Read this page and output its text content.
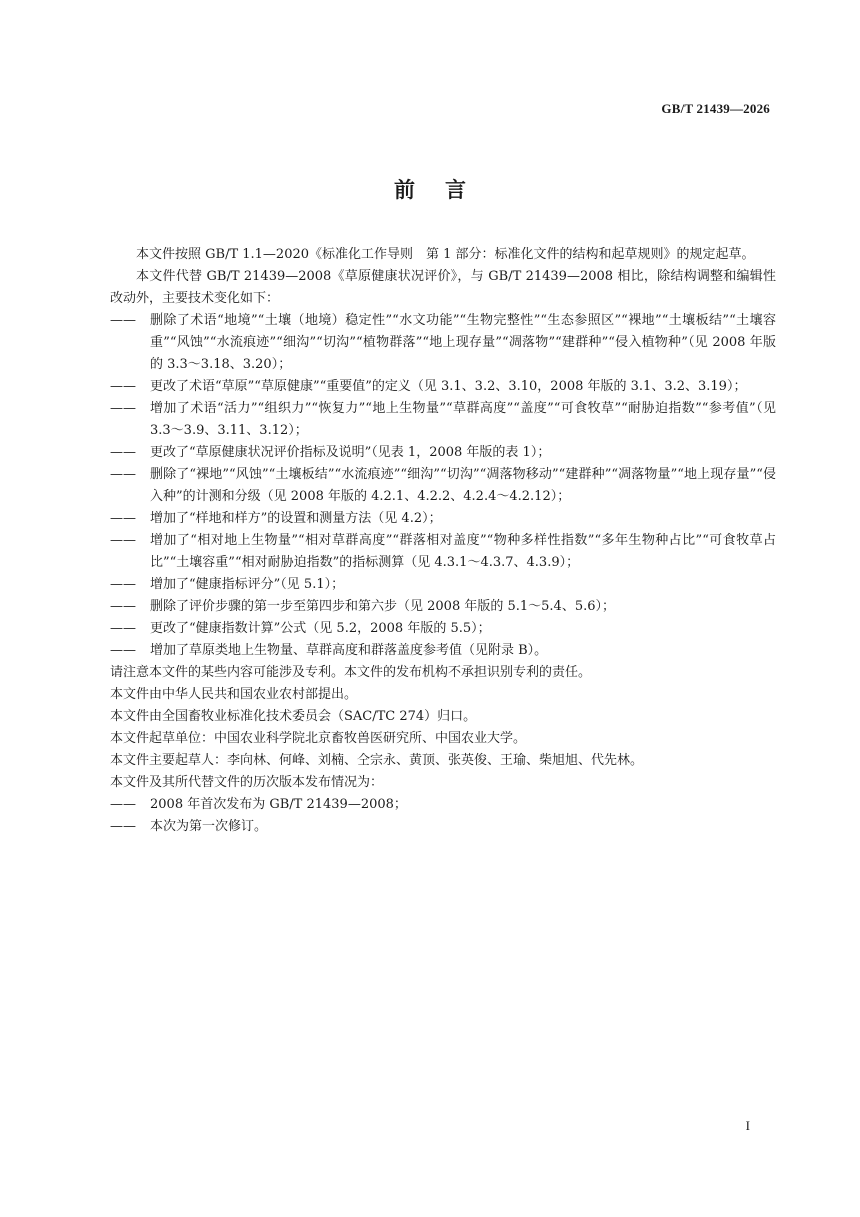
GB/T 21439—2026
前言

本文件按照 GB/T 1.1—2020《标准化工作导则　第 1 部分：标准化文件的结构和起草规则》的规定起草。

本文件代替 GB/T 21439—2008《草原健康状况评价》，与 GB/T 21439—2008 相比，除结构调整和编辑性改动外，主要技术变化如下：

——	删除了术语“地境”“土壤（地境）稳定性”“水文功能”“生物完整性”“生态参照区”“裸地”“土壤板结”“土壤容重”“风蚀”“水流痕迹”“细沟”“切沟”“植物群落”“地上现存量”“凋落物”“建群种”“侵入植物种”（见 2008 年版的 3.3～3.18、3.20）；
——	更改了术语“草原”“草原健康”“重要值”的定义（见 3.1、3.2、3.10，2008 年版的 3.1、3.2、3.19）；
——	增加了术语“活力”“组织力”“恢复力”“地上生物量”“草群高度”“盖度”“可食牧草”“耐胁迫指数”“参考值”（见 3.3～3.9、3.11、3.12）；
——	更改了“草原健康状况评价指标及说明”（见表 1，2008 年版的表 1）；
——	删除了“裸地”“风蚀”“土壤板结”“水流痕迹”“细沟”“切沟”“凋落物移动”“建群种”“凋落物量”“地上现存量”“侵入种”的计测和分级（见 2008 年版的 4.2.1、4.2.2、4.2.4～4.2.12）；
——	增加了“样地和样方”的设置和测量方法（见 4.2）；
——	增加了“相对地上生物量”“相对草群高度”“群落相对盖度”“物种多样性指数”“多年生物种占比”“可食牧草占比”“土壤容重”“相对耐胁迫指数”的指标测算（见 4.3.1～4.3.7、4.3.9）；
——	增加了“健康指标评分”（见 5.1）；
——	删除了评价步骤的第一步至第四步和第六步（见 2008 年版的 5.1～5.4、5.6）；
——	更改了“健康指数计算”公式（见 5.2，2008 年版的 5.5）；
——	增加了草原类地上生物量、草群高度和群落盖度参考值（见附录 B）。

请注意本文件的某些内容可能涉及专利。本文件的发布机构不承担识别专利的责任。

本文件由中华人民共和国农业农村部提出。

本文件由全国畜牧业标准化技术委员会（SAC/TC 274）归口。

本文件起草单位：中国农业科学院北京畜牧兽医研究所、中国农业大学。

本文件主要起草人：李向林、何峰、刘楠、仝宗永、黄顶、张英俊、王瑜、柴旭旭、代先林。

本文件及其所代替文件的历次版本发布情况为：

——	2008 年首次发布为 GB/T 21439—2008；
——	本次为第一次修订。
I
